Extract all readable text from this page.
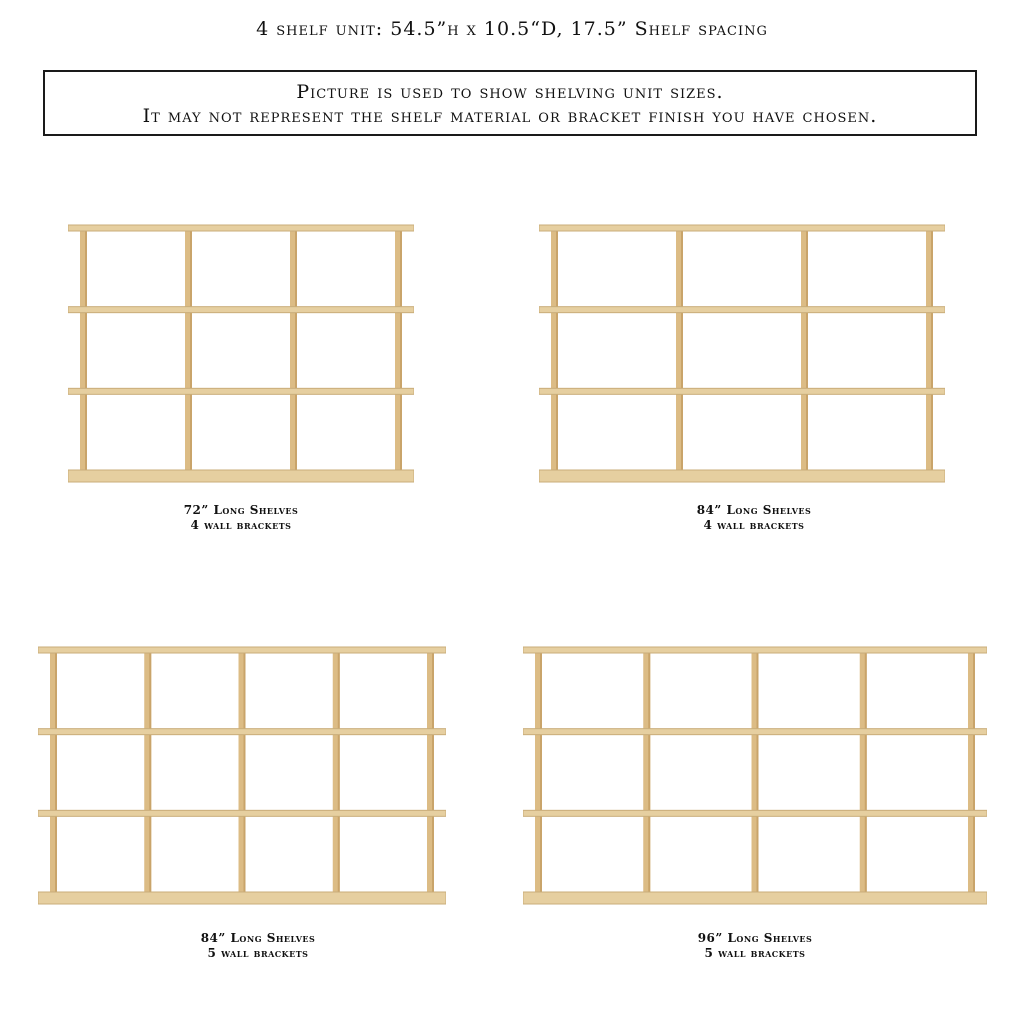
4 shelf unit: 54.5”h x 10.5“D, 17.5” Shelf spacing
Picture is used to show shelving unit sizes.
It may not represent the shelf material or bracket finish you have chosen.
72” Long Shelves
4 wall brackets
84” Long Shelves
4 wall brackets
84” Long Shelves
5 wall brackets
96” Long Shelves
5 wall brackets
